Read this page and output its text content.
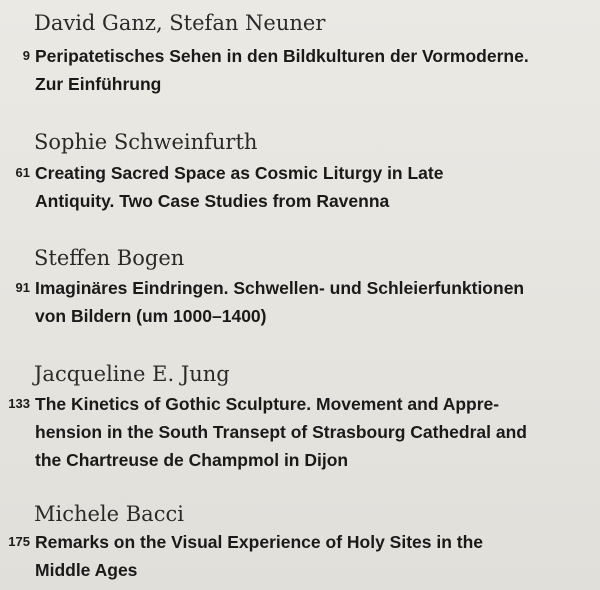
David Ganz, Stefan Neuner
9 Peripatetisches Sehen in den Bildkulturen der Vormoderne.
Zur Einführung
Sophie Schweinfurth
61 Creating Sacred Space as Cosmic Liturgy in Late
Antiquity. Two Case Studies from Ravenna
Steffen Bogen
91 Imaginäres Eindringen. Schwellen- und Schleierfunktionen
von Bildern (um 1000–1400)
Jacqueline E. Jung
133 The Kinetics of Gothic Sculpture. Movement and Appre-
hension in the South Transept of Strasbourg Cathedral and
the Chartreuse de Champmol in Dijon
Michele Bacci
175 Remarks on the Visual Experience of Holy Sites in the
Middle Ages
